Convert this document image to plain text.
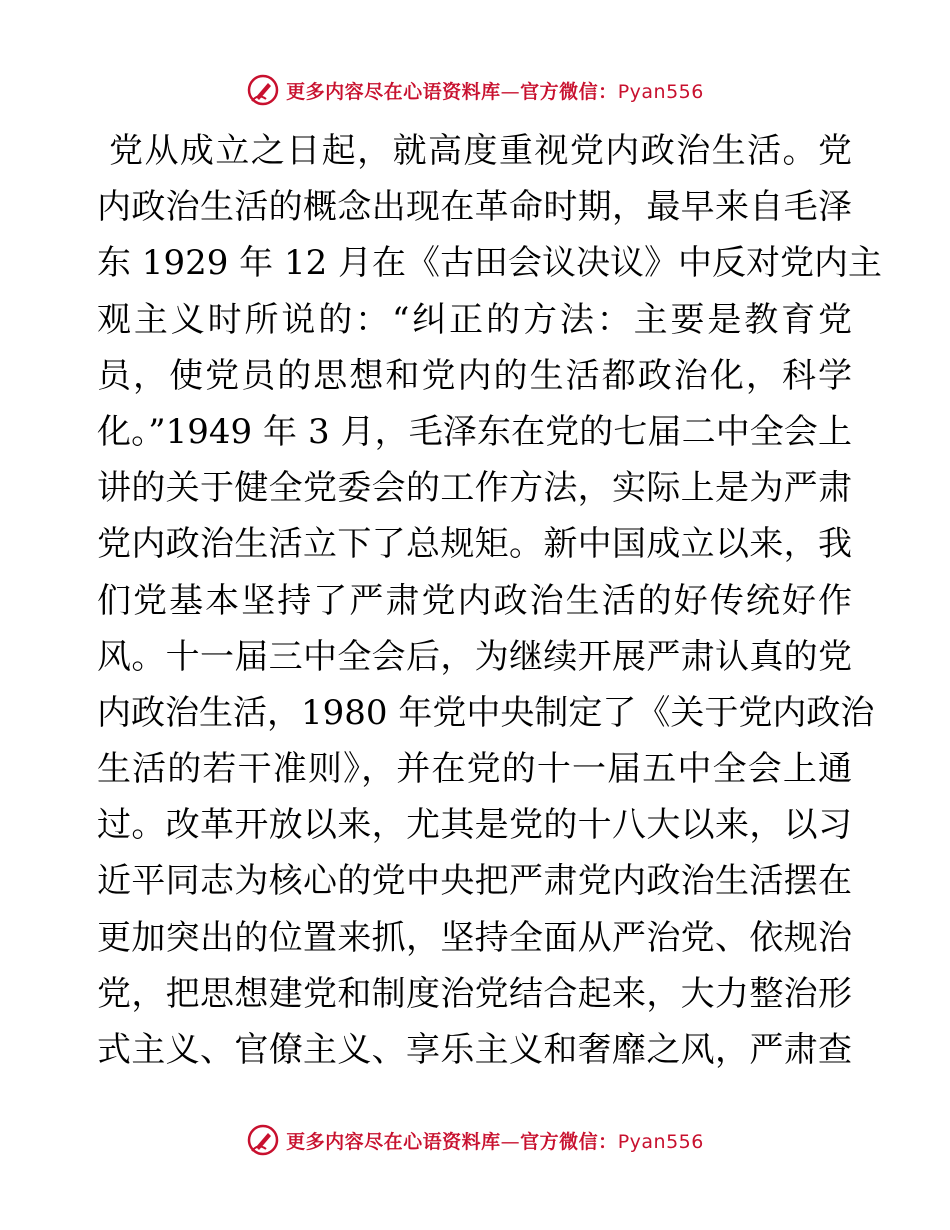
更多内容尽在心语资料库—官方微信：Pyan556
党从成立之日起，就高度重视党内政治生活。党
内政治生活的概念出现在革命时期，最早来自毛泽
东 1929 年 12 月在《古田会议决议》中反对党内主
观主义时所说的：“纠正的方法：主要是教育党
员，使党员的思想和党内的生活都政治化，科学
化。”1949 年 3 月，毛泽东在党的七届二中全会上
讲的关于健全党委会的工作方法，实际上是为严肃
党内政治生活立下了总规矩。新中国成立以来，我
们党基本坚持了严肃党内政治生活的好传统好作
风。十一届三中全会后，为继续开展严肃认真的党
内政治生活，1980 年党中央制定了《关于党内政治
生活的若干准则》，并在党的十一届五中全会上通
过。改革开放以来，尤其是党的十八大以来，以习
近平同志为核心的党中央把严肃党内政治生活摆在
更加突出的位置来抓，坚持全面从严治党、依规治
党，把思想建党和制度治党结合起来，大力整治形
式主义、官僚主义、享乐主义和奢靡之风，严肃查
更多内容尽在心语资料库—官方微信：Pyan556
